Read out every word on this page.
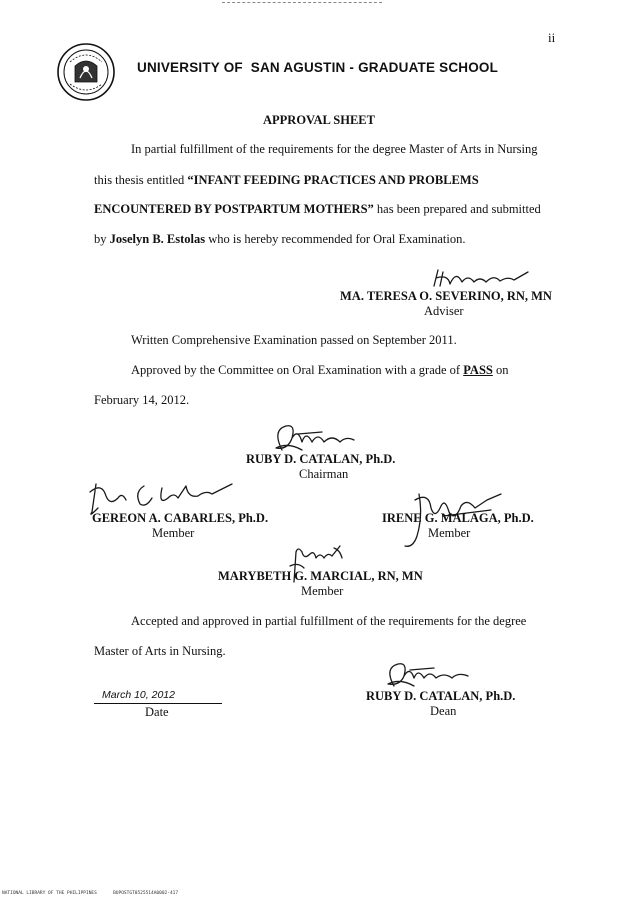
ii
UNIVERSITY OF  SAN AGUSTIN - GRADUATE SCHOOL
APPROVAL SHEET
In partial fulfillment of the requirements for the degree Master of Arts in Nursing
this thesis entitled “INFANT FEEDING PRACTICES AND PROBLEMS
ENCOUNTERED BY POSTPARTUM MOTHERS” has been prepared and submitted
by Joselyn B. Estolas who is hereby recommended for Oral Examination.
MA. TERESA O. SEVERINO, RN, MN
Adviser
Written Comprehensive Examination passed on September 2011.
Approved by the Committee on Oral Examination with a grade of PASS on
February 14, 2012.
RUBY D. CATALAN, Ph.D.
Chairman
GEREON A. CABARLES, Ph.D.
Member
IRENE G. MALAGA, Ph.D.
Member
MARYBETH G. MARCIAL, RN, MN
Member
Accepted and approved in partial fulfillment of the requirements for the degree
Master of Arts in Nursing.
March 10, 2012
Date
RUBY D. CATALAN, Ph.D.
Dean
NATIONAL LIBRARY OF THE PHILIPPINES      BUPOSTGT0525514A0002-417
